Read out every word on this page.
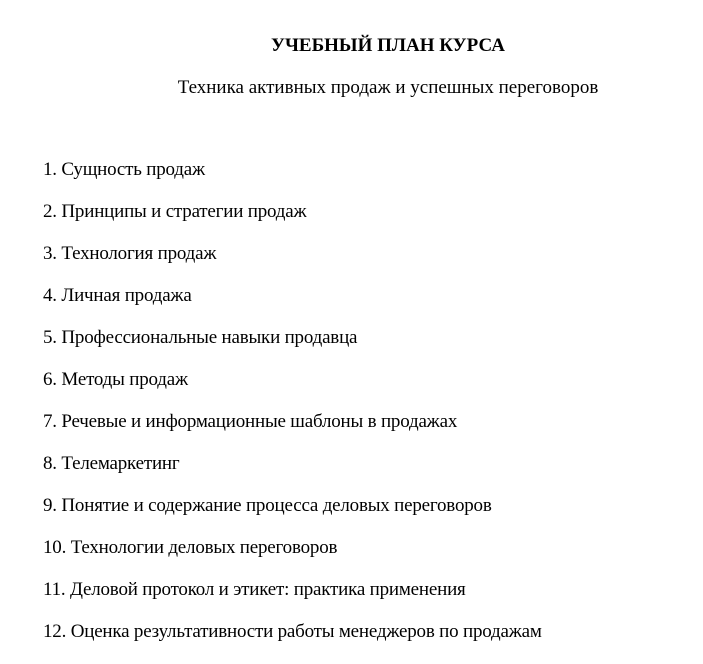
УЧЕБНЫЙ ПЛАН КУРСА
Техника активных продаж и успешных переговоров
1. Сущность продаж
2. Принципы и стратегии продаж
3. Технология продаж
4. Личная продажа
5. Профессиональные навыки продавца
6. Методы продаж
7. Речевые и информационные шаблоны в продажах
8. Телемаркетинг
9. Понятие и содержание процесса деловых переговоров
10. Технологии деловых переговоров
11. Деловой протокол и этикет: практика применения
12. Оценка результативности работы менеджеров по продажам
